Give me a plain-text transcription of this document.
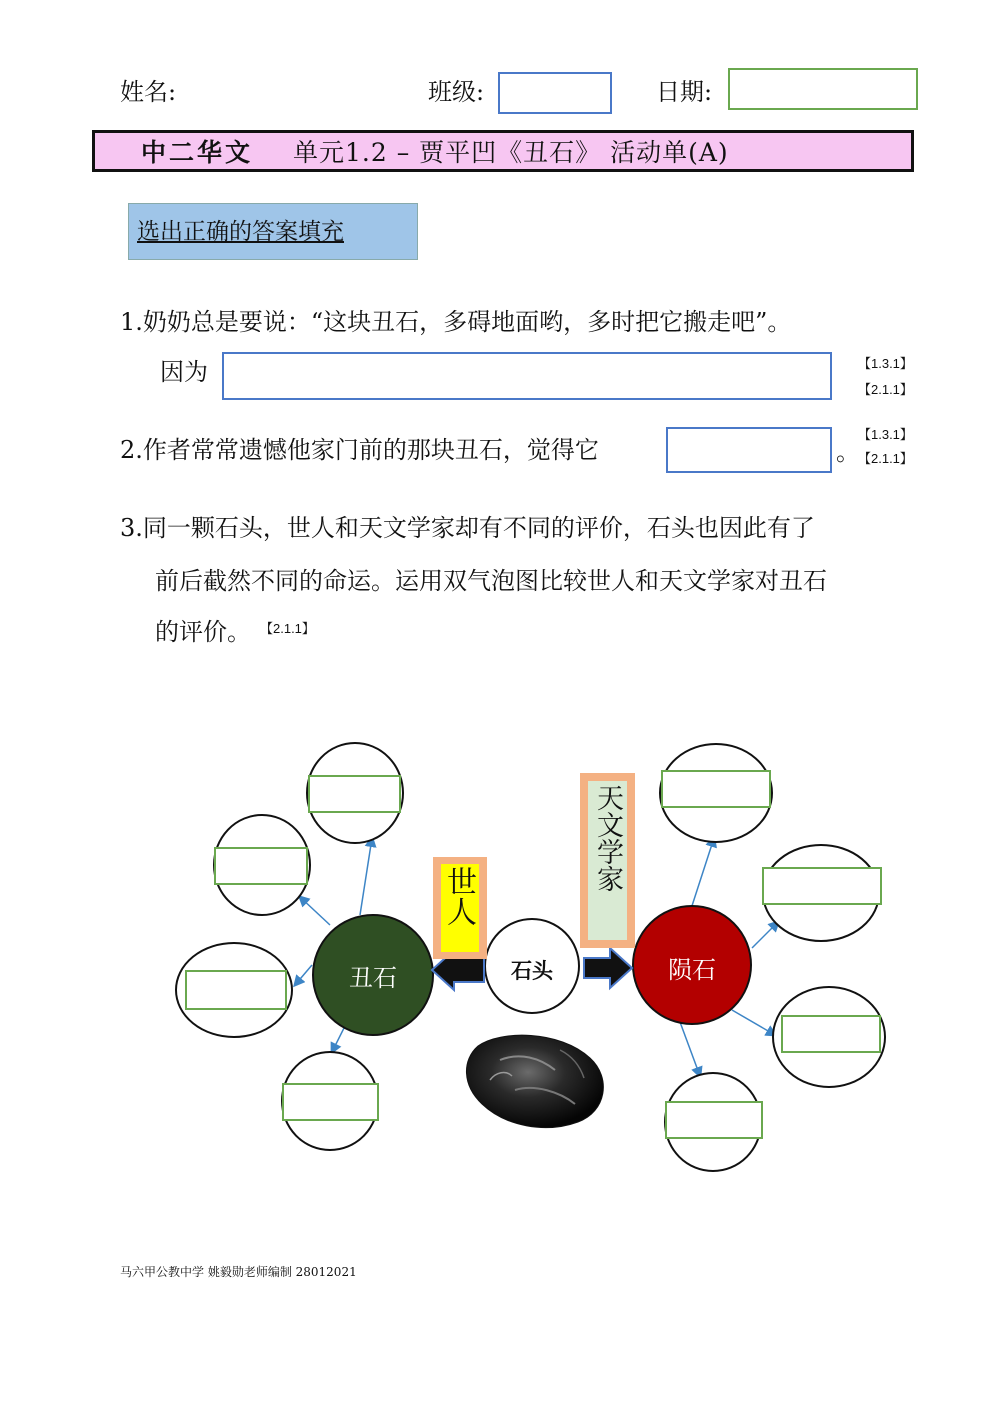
姓名:	班级:	日期:
中二华文 单元1.2 – 贾平凹《丑石》 活动单(A)
选出正确的答案填充
1.奶奶总是要说：“这块丑石，多碍地面哟，多时把它搬走吧”。
因为	【1.3.1】
【2.1.1】
2.作者常常遗憾他家门前的那块丑石，觉得它	。
【1.3.1】
【2.1.1】
3.同一颗石头，世人和天文学家却有不同的评价，石头也因此有了
前后截然不同的命运。运用双气泡图比较世人和天文学家对丑石
的评价。 【2.1.1】
丑石	石头	陨石
世人
天文学家
马六甲公教中学 姚毅勋老师编制 28012021
